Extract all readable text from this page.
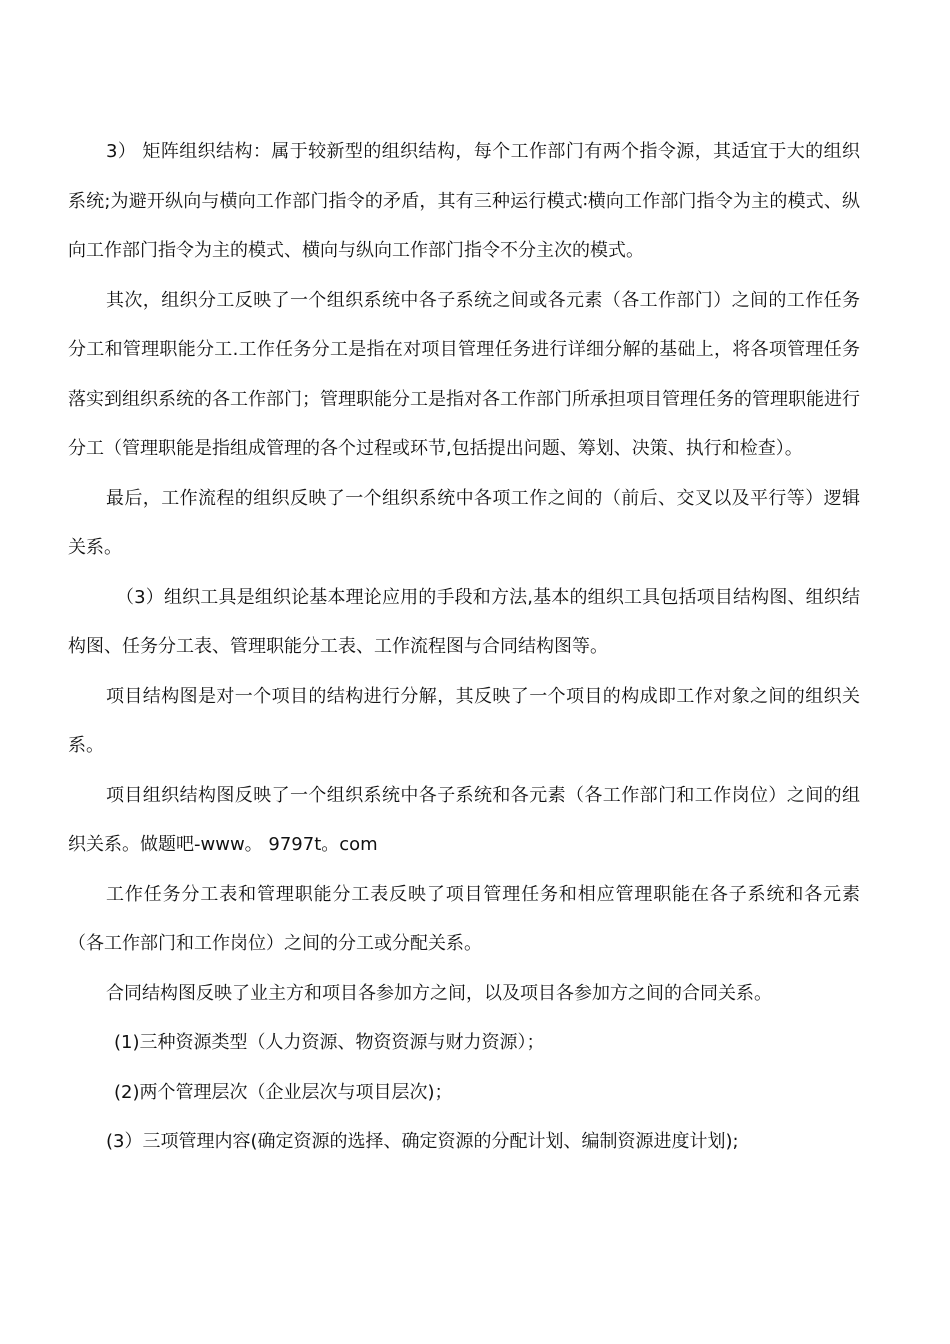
3） 矩阵组织结构：属于较新型的组织结构，每个工作部门有两个指令源，其适宜于大的组织系统;为避开纵向与横向工作部门指令的矛盾，其有三种运行模式∶横向工作部门指令为主的模式、纵向工作部门指令为主的模式、横向与纵向工作部门指令不分主次的模式。

其次，组织分工反映了一个组织系统中各子系统之间或各元素（各工作部门）之间的工作任务分工和管理职能分工.工作任务分工是指在对项目管理任务进行详细分解的基础上，将各项管理任务落实到组织系统的各工作部门；管理职能分工是指对各工作部门所承担项目管理任务的管理职能进行分工（管理职能是指组成管理的各个过程或环节,包括提出问题、筹划、决策、执行和检查）。

最后，工作流程的组织反映了一个组织系统中各项工作之间的（前后、交叉以及平行等）逻辑关系。

（3）组织工具是组织论基本理论应用的手段和方法,基本的组织工具包括项目结构图、组织结构图、任务分工表、管理职能分工表、工作流程图与合同结构图等。

项目结构图是对一个项目的结构进行分解，其反映了一个项目的构成即工作对象之间的组织关系。

项目组织结构图反映了一个组织系统中各子系统和各元素（各工作部门和工作岗位）之间的组织关系。做题吧-www。 9797t。com

工作任务分工表和管理职能分工表反映了项目管理任务和相应管理职能在各子系统和各元素（各工作部门和工作岗位）之间的分工或分配关系。

合同结构图反映了业主方和项目各参加方之间，以及项目各参加方之间的合同关系。

(1)三种资源类型（人力资源、物资资源与财力资源）；

(2)两个管理层次（企业层次与项目层次)；

(3）三项管理内容(确定资源的选择、确定资源的分配计划、编制资源进度计划);
